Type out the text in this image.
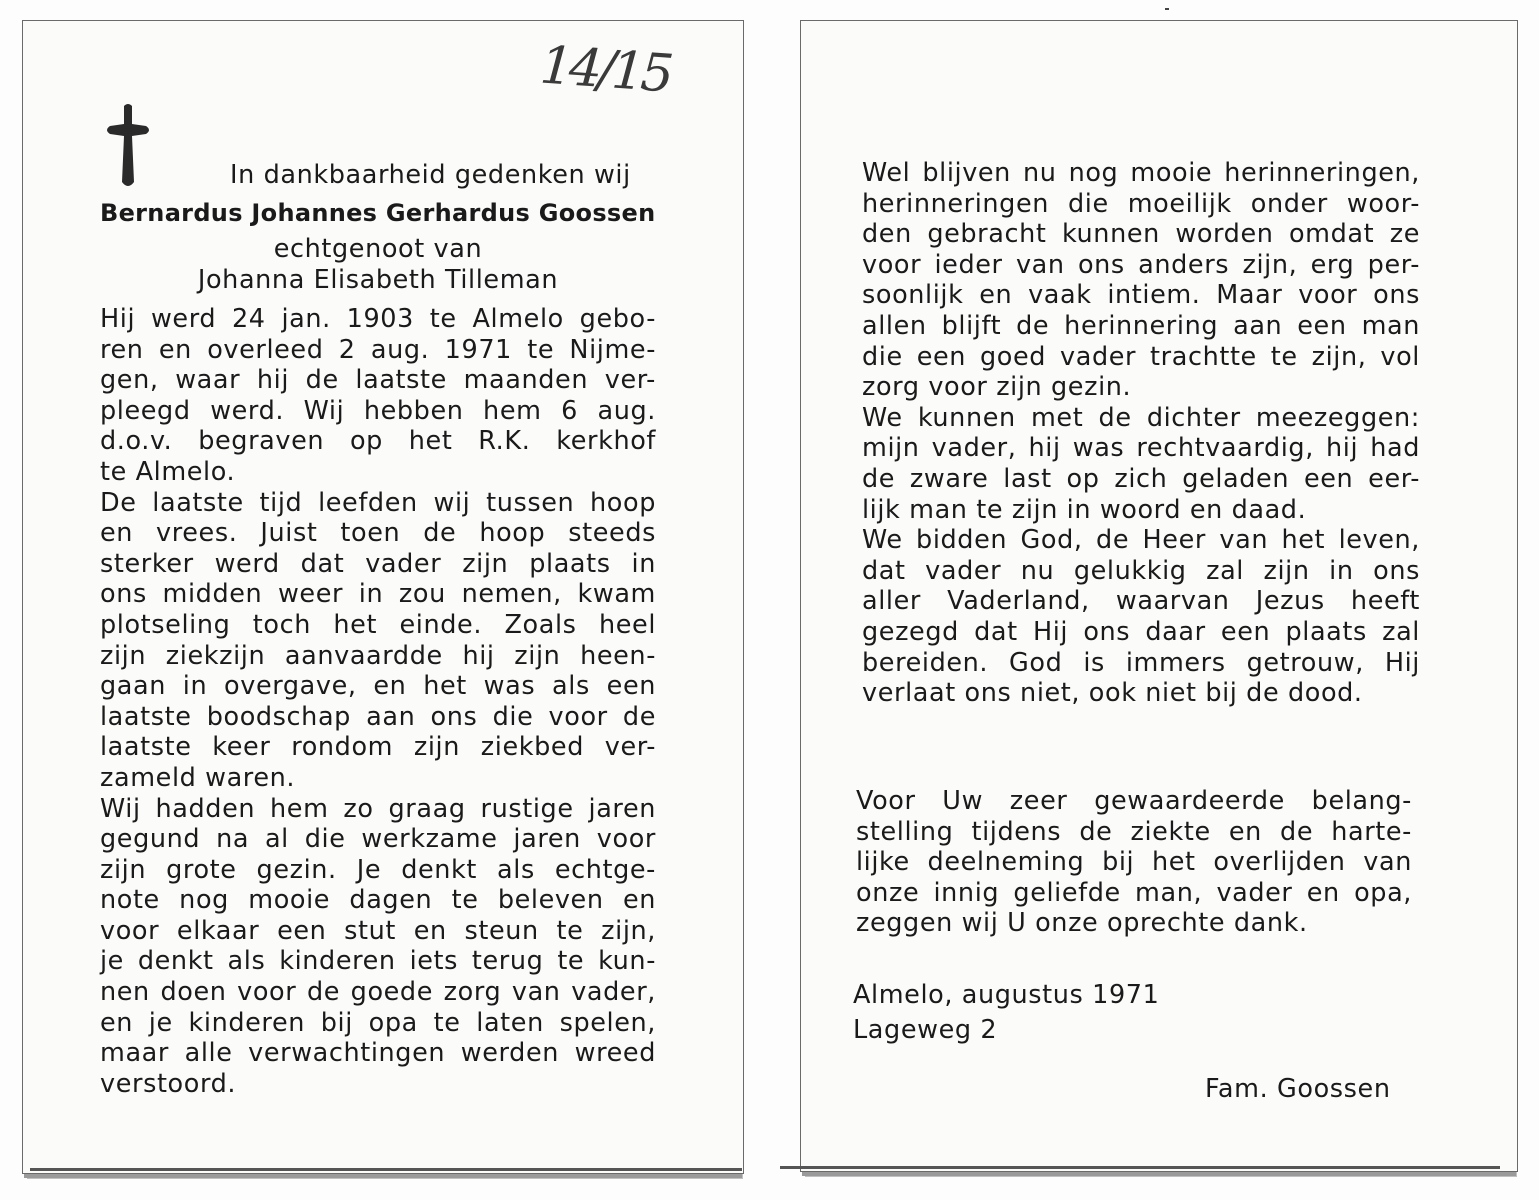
14/15
In dankbaarheid gedenken wij
Bernardus Johannes Gerhardus Goossen
echtgenoot van
Johanna Elisabeth Tilleman
Hij werd 24 jan. 1903 te Almelo gebo-
ren en overleed 2 aug. 1971 te Nijme-
gen, waar hij de laatste maanden ver-
pleegd werd. Wij hebben hem 6 aug.
d.o.v. begraven op het R.K. kerkhof
te Almelo.
De laatste tijd leefden wij tussen hoop
en vrees. Juist toen de hoop steeds
sterker werd dat vader zijn plaats in
ons midden weer in zou nemen, kwam
plotseling toch het einde. Zoals heel
zijn ziekzijn aanvaardde hij zijn heen-
gaan in overgave, en het was als een
laatste boodschap aan ons die voor de
laatste keer rondom zijn ziekbed ver-
zameld waren.
Wij hadden hem zo graag rustige jaren
gegund na al die werkzame jaren voor
zijn grote gezin. Je denkt als echtge-
note nog mooie dagen te beleven en
voor elkaar een stut en steun te zijn,
je denkt als kinderen iets terug te kun-
nen doen voor de goede zorg van vader,
en je kinderen bij opa te laten spelen,
maar alle verwachtingen werden wreed
verstoord.
Wel blijven nu nog mooie herinneringen,
herinneringen die moeilijk onder woor-
den gebracht kunnen worden omdat ze
voor ieder van ons anders zijn, erg per-
soonlijk en vaak intiem. Maar voor ons
allen blijft de herinnering aan een man
die een goed vader trachtte te zijn, vol
zorg voor zijn gezin.
We kunnen met de dichter meezeggen:
mijn vader, hij was rechtvaardig, hij had
de zware last op zich geladen een eer-
lijk man te zijn in woord en daad.
We bidden God, de Heer van het leven,
dat vader nu gelukkig zal zijn in ons
aller Vaderland, waarvan Jezus heeft
gezegd dat Hij ons daar een plaats zal
bereiden. God is immers getrouw, Hij
verlaat ons niet, ook niet bij de dood.
Voor Uw zeer gewaardeerde belang-
stelling tijdens de ziekte en de harte-
lijke deelneming bij het overlijden van
onze innig geliefde man, vader en opa,
zeggen wij U onze oprechte dank.
Almelo, augustus 1971
Lageweg 2
Fam. Goossen
